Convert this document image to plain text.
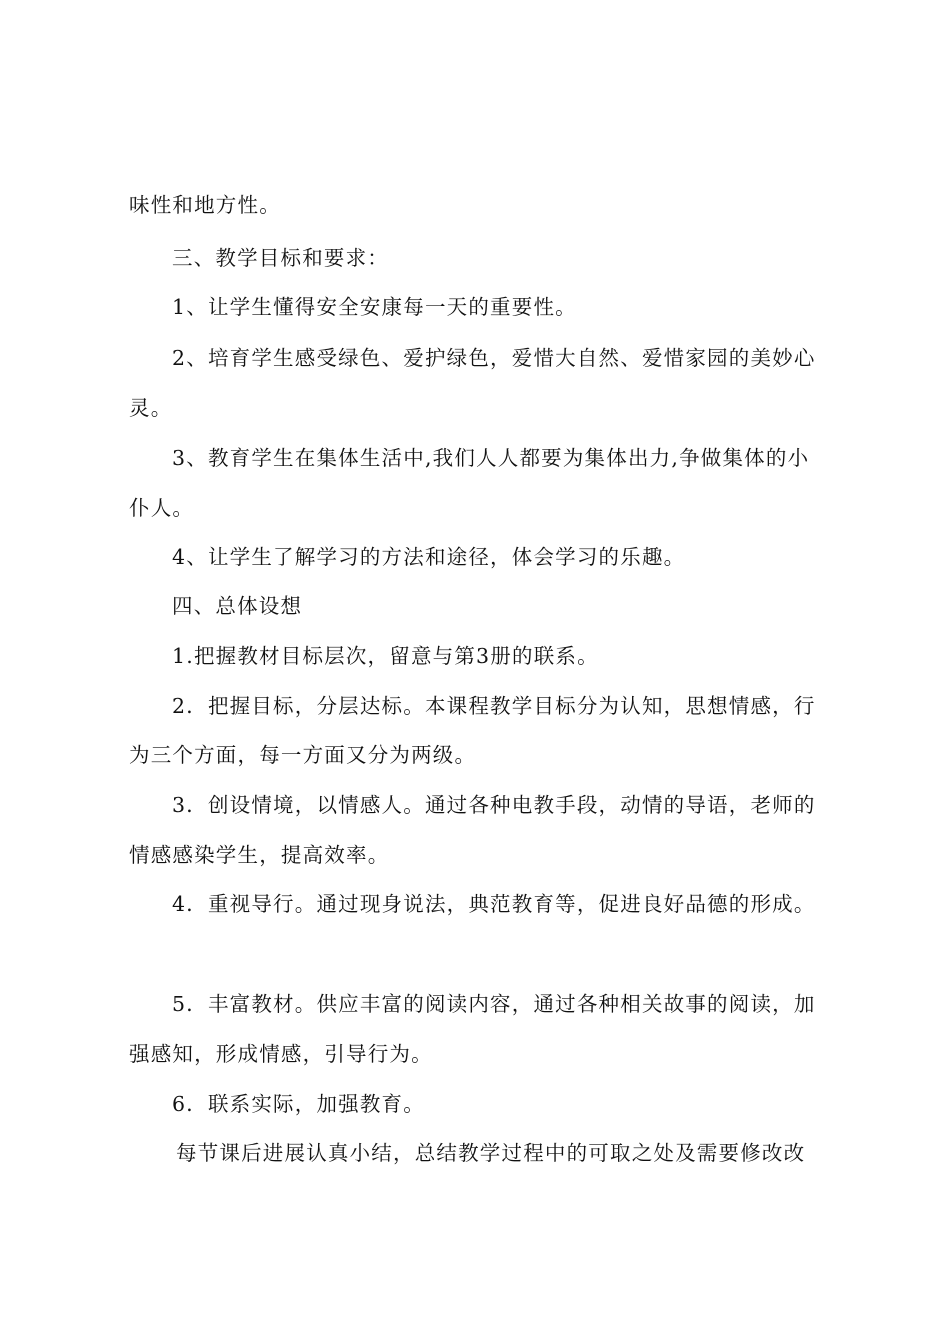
味性和地方性。
三、教学目标和要求：
1、让学生懂得安全安康每一天的重要性。
2、培育学生感受绿色、爱护绿色，爱惜大自然、爱惜家园的美妙心
灵。
3、教育学生在集体生活中,我们人人都要为集体出力,争做集体的小
仆人。
4、让学生了解学习的方法和途径，体会学习的乐趣。
四、总体设想
1.把握教材目标层次，留意与第3册的联系。
2．把握目标，分层达标。本课程教学目标分为认知，思想情感，行
为三个方面，每一方面又分为两级。
3．创设情境，以情感人。通过各种电教手段，动情的导语，老师的
情感感染学生，提高效率。
4．重视导行。通过现身说法，典范教育等，促进良好品德的形成。
5．丰富教材。供应丰富的阅读内容，通过各种相关故事的阅读，加
强感知，形成情感，引导行为。
6．联系实际，加强教育。
每节课后进展认真小结，总结教学过程中的可取之处及需要修改改
